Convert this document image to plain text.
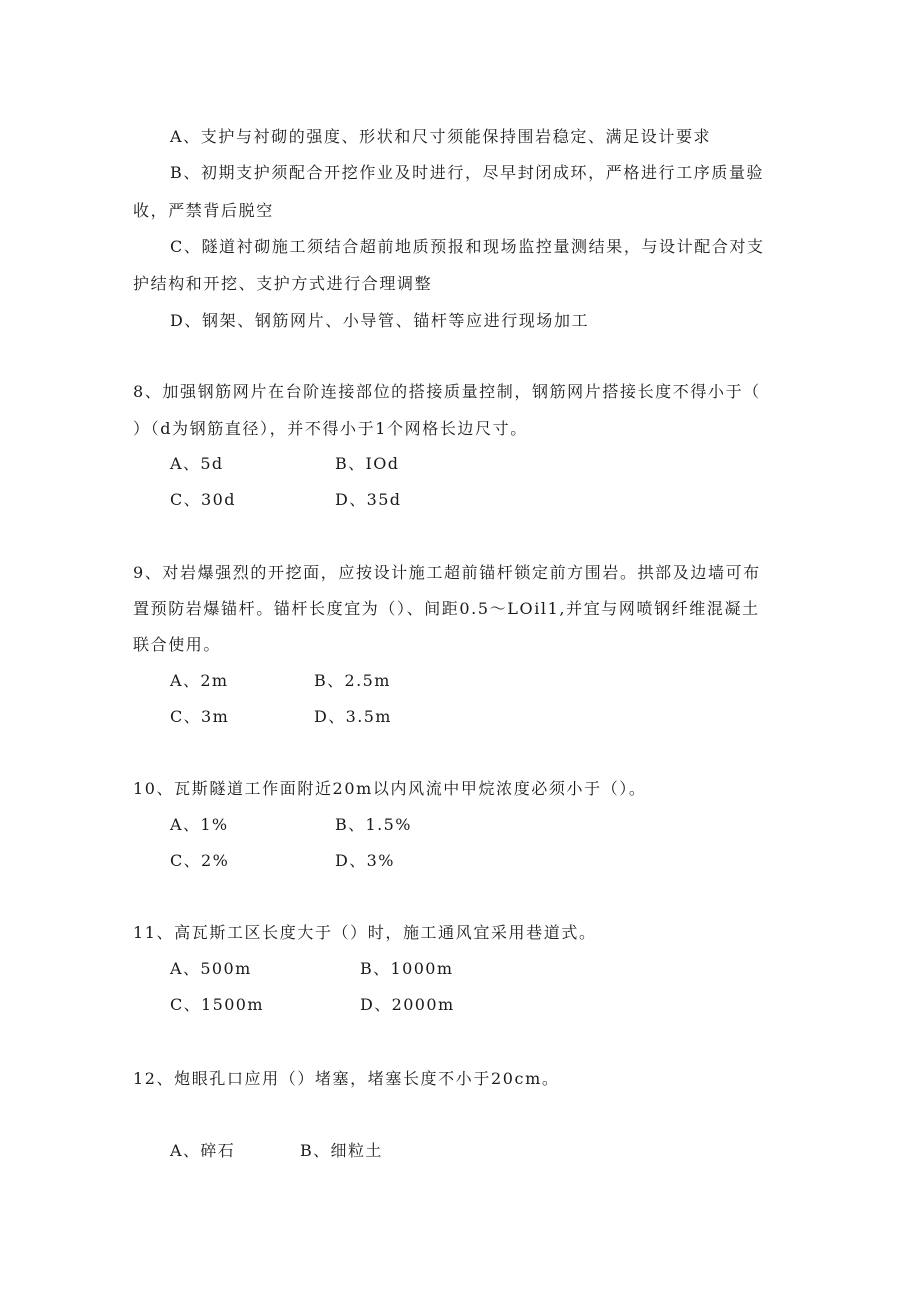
A、支护与衬砌的强度、形状和尺寸须能保持围岩稳定、满足设计要求
B、初期支护须配合开挖作业及时进行，尽早封闭成环，严格进行工序质量验
收，严禁背后脱空
C、隧道衬砌施工须结合超前地质预报和现场监控量测结果，与设计配合对支
护结构和开挖、支护方式进行合理调整
D、钢架、钢筋网片、小导管、锚杆等应进行现场加工
8、加强钢筋网片在台阶连接部位的搭接质量控制，钢筋网片搭接长度不得小于（
）（d为钢筋直径），并不得小于1个网格长边尺寸。
A、5d	B、IOd
C、30d	D、35d
9、对岩爆强烈的开挖面，应按设计施工超前锚杆锁定前方围岩。拱部及边墙可布
置预防岩爆锚杆。锚杆长度宜为（）、间距0.5～LOil1,并宜与网喷钢纤维混凝土
联合使用。
A、2m	B、2.5m
C、3m	D、3.5m
10、瓦斯隧道工作面附近20m以内风流中甲烷浓度必须小于（）。
A、1%	B、1.5%
C、2%	D、3%
11、高瓦斯工区长度大于（）时，施工通风宜采用巷道式。
A、500m	B、1000m
C、1500m	D、2000m
12、炮眼孔口应用（）堵塞，堵塞长度不小于20cm。
A、碎石	B、细粒土
